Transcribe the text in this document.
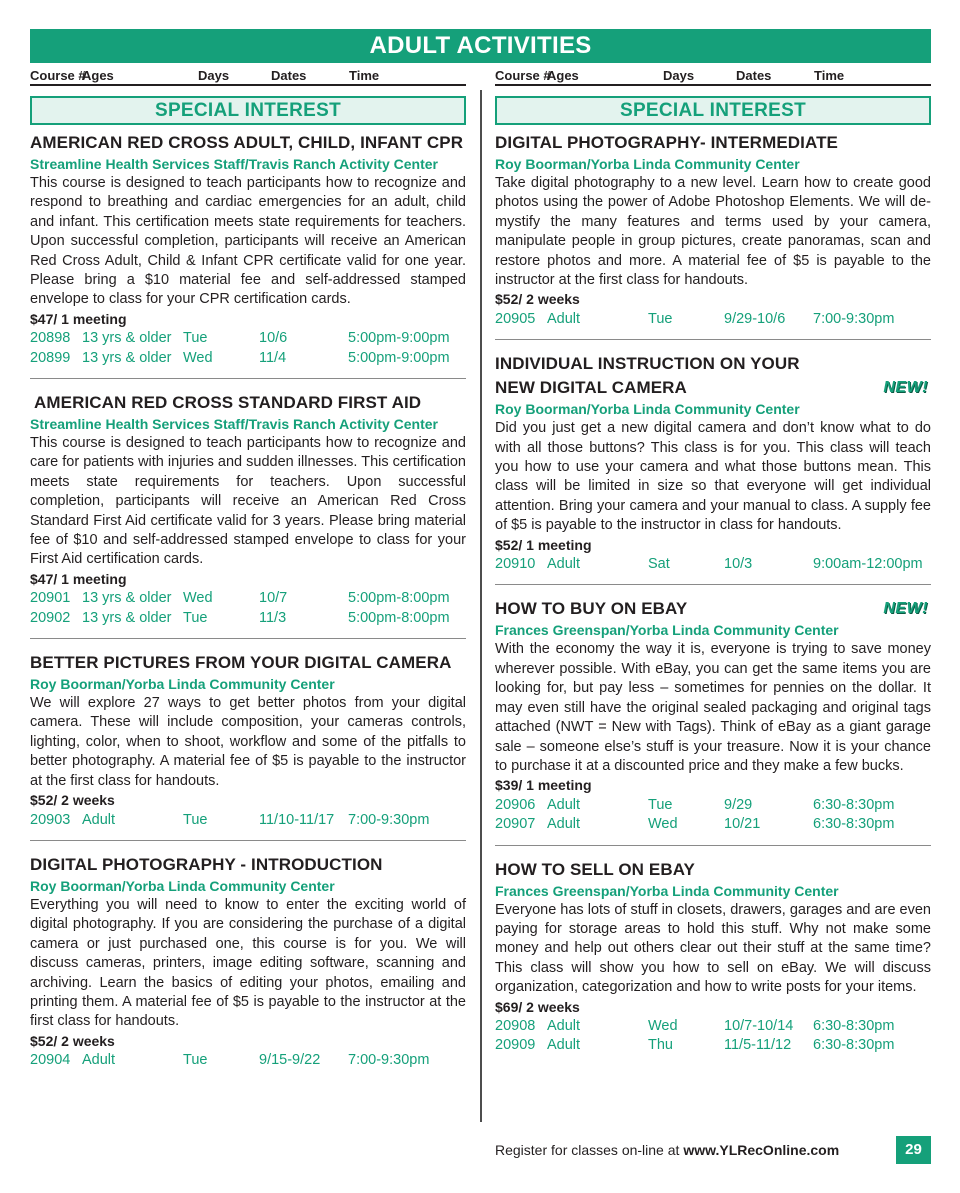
ADULT ACTIVITIES
Course #
Ages	Days	Dates	Time	Course #
Ages	Days	Dates	Time
SPECIAL INTEREST
AMERICAN RED CROSS ADULT, CHILD, INFANT CPR
Streamline Health Services Staff/Travis Ranch Activity Center
This course is designed to teach participants how to recognize and respond to breathing and cardiac emergencies for an adult, child and infant. This certification meets state requirements for teachers. Upon successful completion, participants will receive an American Red Cross Adult, Child & Infant CPR certificate valid for one year. Please bring a $10 material fee and self-addressed stamped envelope to class for your CPR certification cards.
$47/ 1 meeting
20898 13 yrs & older Tue	10/6	5:00pm-9:00pm
20899 13 yrs & older Wed	11/4	5:00pm-9:00pm
AMERICAN RED CROSS STANDARD FIRST AID
Streamline Health Services Staff/Travis Ranch Activity Center
This course is designed to teach participants how to recognize and care for patients with injuries and sudden illnesses. This certification meets state requirements for teachers. Upon successful completion, participants will receive an American Red Cross Standard First Aid certificate valid for 3 years. Please bring material fee of $10 and self-addressed stamped envelope to class for your First Aid certification cards.
$47/ 1 meeting
20901 13 yrs & older Wed	10/7	5:00pm-8:00pm
20902 13 yrs & older Tue	11/3	5:00pm-8:00pm
BETTER PICTURES FROM YOUR DIGITAL CAMERA
Roy Boorman/Yorba Linda Community Center
We will explore 27 ways to get better photos from your digital camera. These will include composition, your cameras controls, lighting, color, when to shoot, workflow and some of the pitfalls to better photography. A material fee of $5 is payable to the instructor at the first class for handouts.
$52/ 2 weeks
20903 Adult	Tue	11/10-11/17 7:00-9:30pm
DIGITAL PHOTOGRAPHY - INTRODUCTION
Roy Boorman/Yorba Linda Community Center
Everything you will need to know to enter the exciting world of digital photography. If you are considering the purchase of a digital camera or just purchased one, this course is for you. We will discuss cameras, printers, image editing software, scanning and archiving. Learn the basics of editing your photos, emailing and printing them. A material fee of $5 is payable to the instructor at the first class for handouts.
$52/ 2 weeks
20904 Adult	Tue	9/15-9/22 7:00-9:30pm
SPECIAL INTEREST
DIGITAL PHOTOGRAPHY- INTERMEDIATE
Roy Boorman/Yorba Linda Community Center
Take digital photography to a new level. Learn how to create good photos using the power of Adobe Photoshop Elements. We will de-mystify the many features and terms used by your camera, manipulate people in group pictures, create panoramas, scan and restore photos and more. A material fee of $5 is payable to the instructor at the first class for handouts.
$52/ 2 weeks
20905 Adult	Tue	9/29-10/6 7:00-9:30pm
INDIVIDUAL INSTRUCTION ON YOUR
NEW DIGITAL CAMERA	NEW!
Roy Boorman/Yorba Linda Community Center
Did you just get a new digital camera and don’t know what to do with all those buttons? This class is for you. This class will teach you how to use your camera and what those buttons mean. This class will be limited in size so that everyone will get individual attention. Bring your camera and your manual to class. A supply fee of $5 is payable to the instructor in class for handouts.
$52/ 1 meeting
20910 Adult	Sat	10/3	9:00am-12:00pm
HOW TO BUY ON EBAY	NEW!
Frances Greenspan/Yorba Linda Community Center
With the economy the way it is, everyone is trying to save money wherever possible. With eBay, you can get the same items you are looking for, but pay less – sometimes for pennies on the dollar. It may even still have the original sealed packaging and original tags attached (NWT = New with Tags). Think of eBay as a giant garage sale – someone else’s stuff is your treasure. Now it is your chance to purchase it at a discounted price and they make a few bucks.
$39/ 1 meeting
20906 Adult	Tue	9/29	6:30-8:30pm
20907 Adult	Wed	10/21	6:30-8:30pm
HOW TO SELL ON EBAY
Frances Greenspan/Yorba Linda Community Center
Everyone has lots of stuff in closets, drawers, garages and are even paying for storage areas to hold this stuff. Why not make some money and help out others clear out their stuff at the same time? This class will show you how to sell on eBay. We will discuss organization, categorization and how to write posts for your items.
$69/ 2 weeks
20908 Adult	Wed	10/7-10/14 6:30-8:30pm
20909 Adult	Thu	11/5-11/12 6:30-8:30pm
Register for classes on-line at www.YLRecOnline.com	29
